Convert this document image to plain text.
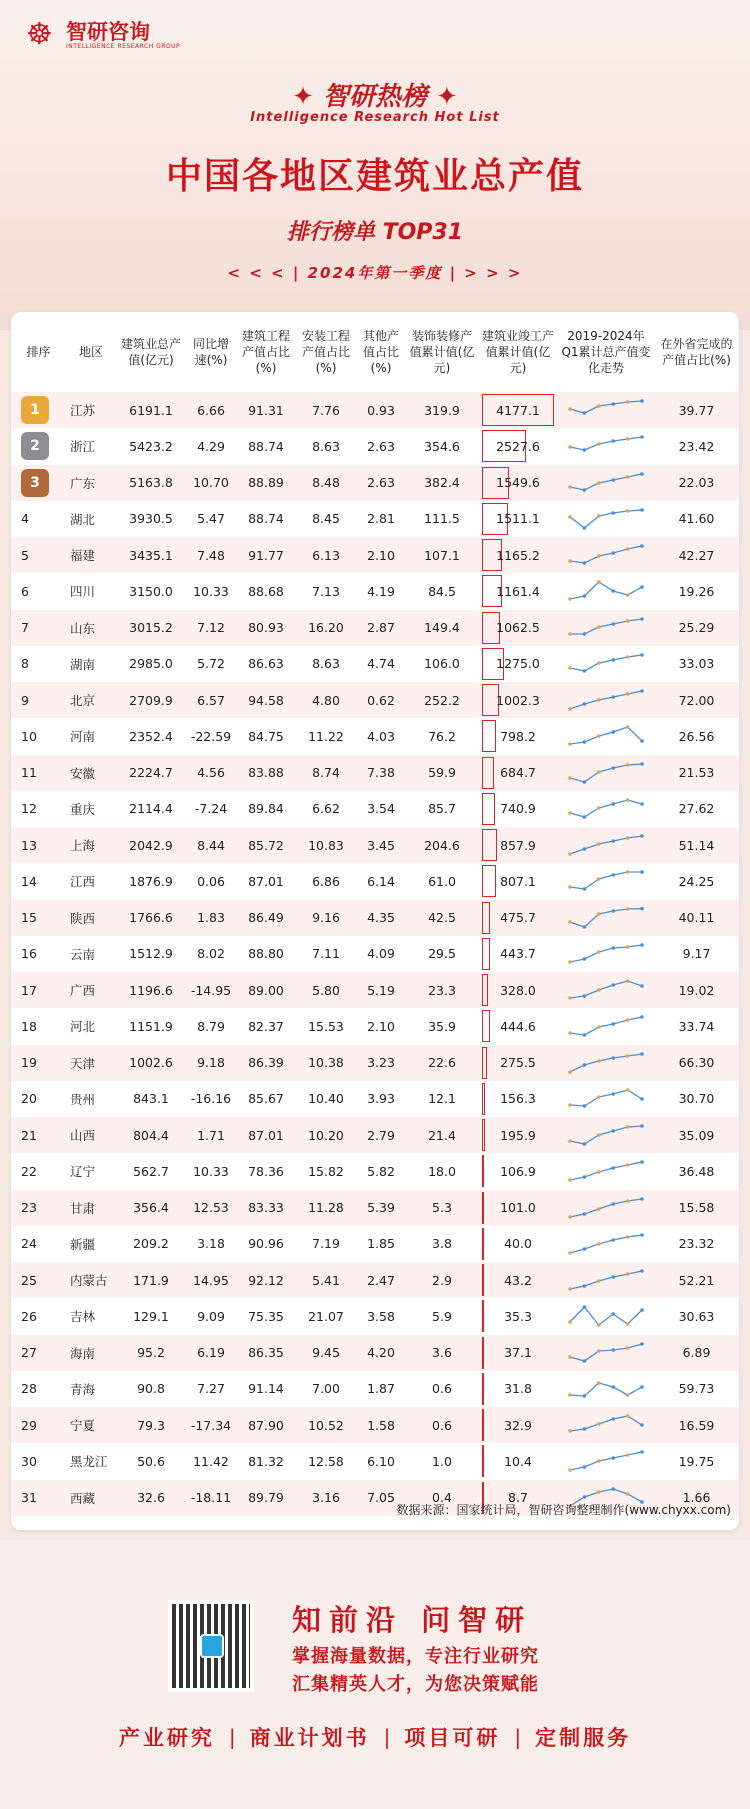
☸ 智研咨询
INTELLIGENCE RESEARCH GROUP
✦ 智研热榜 ✦
Intelligence Research Hot List
中国各地区建筑业总产值
排行榜单 TOP31
< < < | 2024年第一季度 | > > >
排序	地区	建筑业总产值(亿元)	同比增速(%)	建筑工程产值占比(%)	安装工程产值占比(%)	其他产值占比(%)	装饰装修产值累计值(亿元)	建筑业竣工产值累计值(亿元)	2019-2024年Q1累计总产值变化走势	在外省完成的产值占比(%)
1	江苏	6191.1	6.66	91.31	7.76	0.93	319.9	4177.1		39.77
2	浙江	5423.2	4.29	88.74	8.63	2.63	354.6	2527.6		23.42
3	广东	5163.8	10.70	88.89	8.48	2.63	382.4	1549.6		22.03
4	湖北	3930.5	5.47	88.74	8.45	2.81	111.5	1511.1		41.60
5	福建	3435.1	7.48	91.77	6.13	2.10	107.1	1165.2		42.27
6	四川	3150.0	10.33	88.68	7.13	4.19	84.5	1161.4		19.26
7	山东	3015.2	7.12	80.93	16.20	2.87	149.4	1062.5		25.29
8	湖南	2985.0	5.72	86.63	8.63	4.74	106.0	1275.0		33.03
9	北京	2709.9	6.57	94.58	4.80	0.62	252.2	1002.3		72.00
10	河南	2352.4	-22.59	84.75	11.22	4.03	76.2	798.2		26.56
11	安徽	2224.7	4.56	83.88	8.74	7.38	59.9	684.7		21.53
12	重庆	2114.4	-7.24	89.84	6.62	3.54	85.7	740.9		27.62
13	上海	2042.9	8.44	85.72	10.83	3.45	204.6	857.9		51.14
14	江西	1876.9	0.06	87.01	6.86	6.14	61.0	807.1		24.25
15	陕西	1766.6	1.83	86.49	9.16	4.35	42.5	475.7		40.11
16	云南	1512.9	8.02	88.80	7.11	4.09	29.5	443.7		9.17
17	广西	1196.6	-14.95	89.00	5.80	5.19	23.3	328.0		19.02
18	河北	1151.9	8.79	82.37	15.53	2.10	35.9	444.6		33.74
19	天津	1002.6	9.18	86.39	10.38	3.23	22.6	275.5		66.30
20	贵州	843.1	-16.16	85.67	10.40	3.93	12.1	156.3		30.70
21	山西	804.4	1.71	87.01	10.20	2.79	21.4	195.9		35.09
22	辽宁	562.7	10.33	78.36	15.82	5.82	18.0	106.9		36.48
23	甘肃	356.4	12.53	83.33	11.28	5.39	5.3	101.0		15.58
24	新疆	209.2	3.18	90.96	7.19	1.85	3.8	40.0		23.32
25	内蒙古	171.9	14.95	92.12	5.41	2.47	2.9	43.2		52.21
26	吉林	129.1	9.09	75.35	21.07	3.58	5.9	35.3		30.63
27	海南	95.2	6.19	86.35	9.45	4.20	3.6	37.1		6.89
28	青海	90.8	7.27	91.14	7.00	1.87	0.6	31.8		59.73
29	宁夏	79.3	-17.34	87.90	10.52	1.58	0.6	32.9		16.59
30	黑龙江	50.6	11.42	81.32	12.58	6.10	1.0	10.4		19.75
31	西藏	32.6	-18.11	89.79	3.16	7.05	0.4	8.7		1.66
数据来源：国家统计局，智研咨询整理制作(www.chyxx.com)
知前沿 问智研
掌握海量数据，专注行业研究
汇集精英人才，为您决策赋能
产业研究 | 商业计划书 | 项目可研 | 定制服务
